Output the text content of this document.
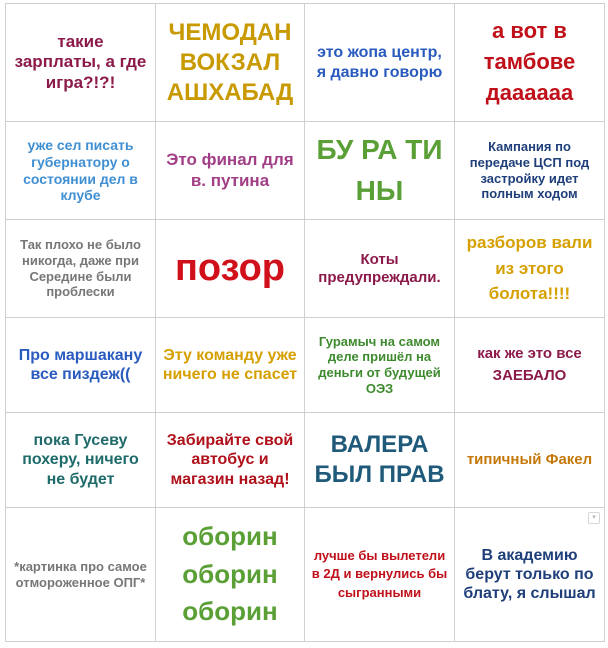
такие зарплаты, а где игра?!?!
ЧЕМОДАН ВОКЗАЛ АШХАБАД
это жопа центр, я давно говорю
а вот в тамбове дааааaa
уже сел писать губернатору о состоянии дел в клубе
Это финал для в. путина
БУ РА ТИ НЫ
Кампания по передаче ЦСП под застройку идет полным ходом
Так плохо не было никогда, даже при Середине были проблески
позор	Коты предупреждали.
разборов вали из этого болота!!!!
Про маршакану все пиздеж((
Эту команду уже ничего не спасет
Гурамыч на самом деле пришёл на деньги от будущей ОЭЗ
как же это все ЗАЕБАЛО
пока Гусеву похеру, ничего не будет
Забирайте свой автобус и магазин назад!
ВАЛЕРА БЫЛ ПРАВ
типичный Факел
*картинка про самое отмороженное ОПГ*
оборин оборин оборин
лучше бы вылетели в 2Д и вернулись бы сыгранными
В академию берут только по блату, я слышал
▾
